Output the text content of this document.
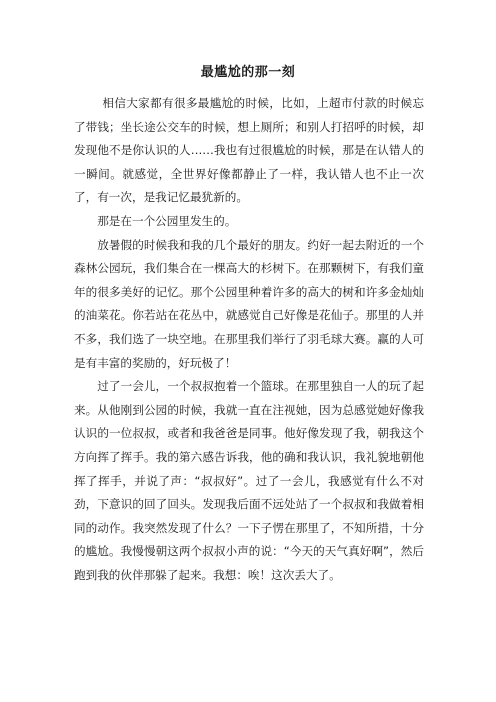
最尴尬的那一刻

相信大家都有很多最尴尬的时候，比如，上超市付款的时候忘了带钱；坐长途公交车的时候，想上厕所；和别人打招呼的时候，却发现他不是你认识的人……我也有过很尴尬的时候，那是在认错人的一瞬间。就感觉，全世界好像都静止了一样，我认错人也不止一次了，有一次，是我记忆最犹新的。

那是在一个公园里发生的。

放暑假的时候我和我的几个最好的朋友。约好一起去附近的一个森林公园玩，我们集合在一棵高大的杉树下。在那颗树下，有我们童年的很多美好的记忆。那个公园里种着许多的高大的树和许多金灿灿的油菜花。你若站在花丛中，就感觉自己好像是花仙子。那里的人并不多，我们选了一块空地。在那里我们举行了羽毛球大赛。赢的人可是有丰富的奖励的，好玩极了！

过了一会儿，一个叔叔抱着一个篮球。在那里独自一人的玩了起来。从他刚到公园的时候，我就一直在注视她，因为总感觉她好像我认识的一位叔叔，或者和我爸爸是同事。他好像发现了我，朝我这个方向挥了挥手。我的第六感告诉我，他的确和我认识，我礼貌地朝他挥了挥手，并说了声：“叔叔好”。过了一会儿，我感觉有什么不对劲，下意识的回了回头。发现我后面不远处站了一个叔叔和我做着相同的动作。我突然发现了什么？一下子愣在那里了，不知所措，十分的尴尬。我慢慢朝这两个叔叔小声的说：“今天的天气真好啊”，然后跑到我的伙伴那躲了起来。我想：唉！这次丢大了。
